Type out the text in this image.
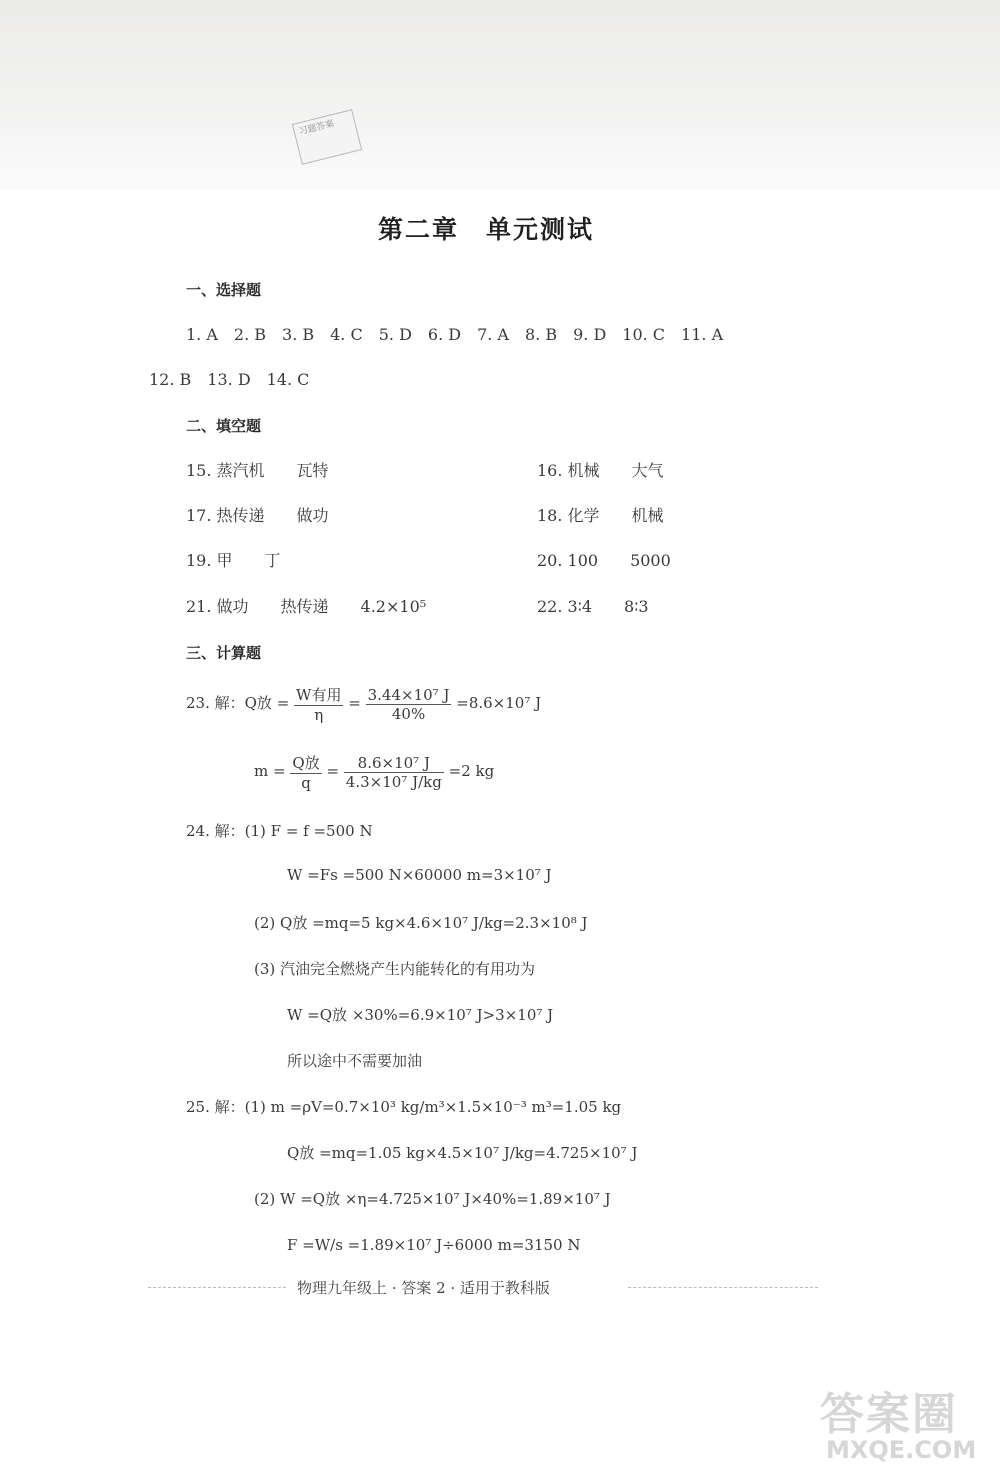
习题答案
第二章　单元测试
一、选择题
1. A　2. B　3. B　4. C　5. D　6. D　7. A　8. B　9. D　10. C　11. A
12. B　13. D　14. C
二、填空题
15. 蒸汽机　　瓦特	16. 机械　　大气
17. 热传递　　做功	18. 化学　　机械
19. 甲　　丁	20. 100　　5000
21. 做功　　热传递　　4.2×10⁵	22. 3∶4　　8∶3
三、计算题
23. 解：Q放 = $\frac{\text{W有用}}{\eta} = \frac{\text{3.44×10⁷ J}}{40\%} =8.6\times 10^7$ J
$m = \frac{\text{Q放}}{q} = \frac{\text{8.6×10⁷ J}}{\text{4.3×10⁷ J/kg}} =2$ kg
24. 解：(1) F = f =500 N
W =Fs =500 N×60000 m=3×10⁷ J
(2) Q放 =mq=5 kg×4.6×10⁷ J/kg=2.3×10⁸ J
(3) 汽油完全燃烧产生内能转化的有用功为
W =Q放 ×30%=6.9×10⁷ J>3×10⁷ J
所以途中不需要加油
25. 解：(1) m =ρV=0.7×10³ kg/m³×1.5×10⁻³ m³=1.05 kg
Q放 =mq=1.05 kg×4.5×10⁷ J/kg=4.725×10⁷ J
(2) W =Q放 ×η=4.725×10⁷ J×40%=1.89×10⁷ J
F =W/s =1.89×10⁷ J÷6000 m=3150 N
物理九年级上 · 答案 2 · 适用于教科版
答案圈
MXQE.COM
